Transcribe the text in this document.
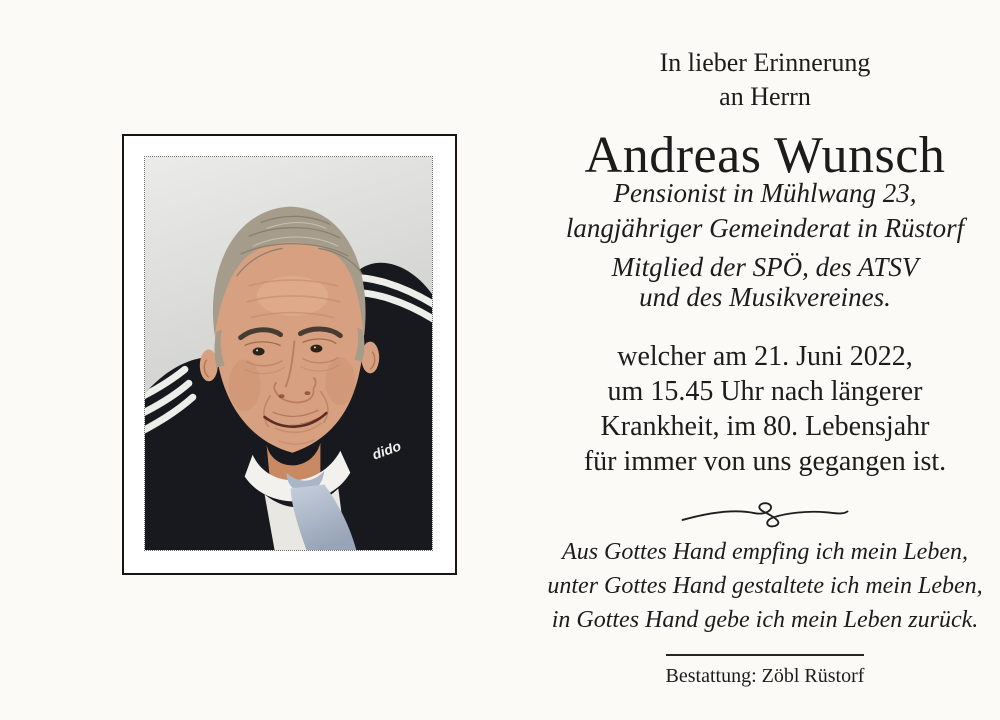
dido
In lieber Erinnerung
an Herrn
Andreas Wunsch
Pensionist in Mühlwang 23,
langjähriger Gemeinderat in Rüstorf
Mitglied der SPÖ, des ATSV
und des Musikvereines.
welcher am 21. Juni 2022,
um 15.45 Uhr nach längerer
Krankheit, im 80. Lebensjahr
für immer von uns gegangen ist.
Aus Gottes Hand empfing ich mein Leben,
unter Gottes Hand gestaltete ich mein Leben,
in Gottes Hand gebe ich mein Leben zurück.
Bestattung: Zöbl Rüstorf
